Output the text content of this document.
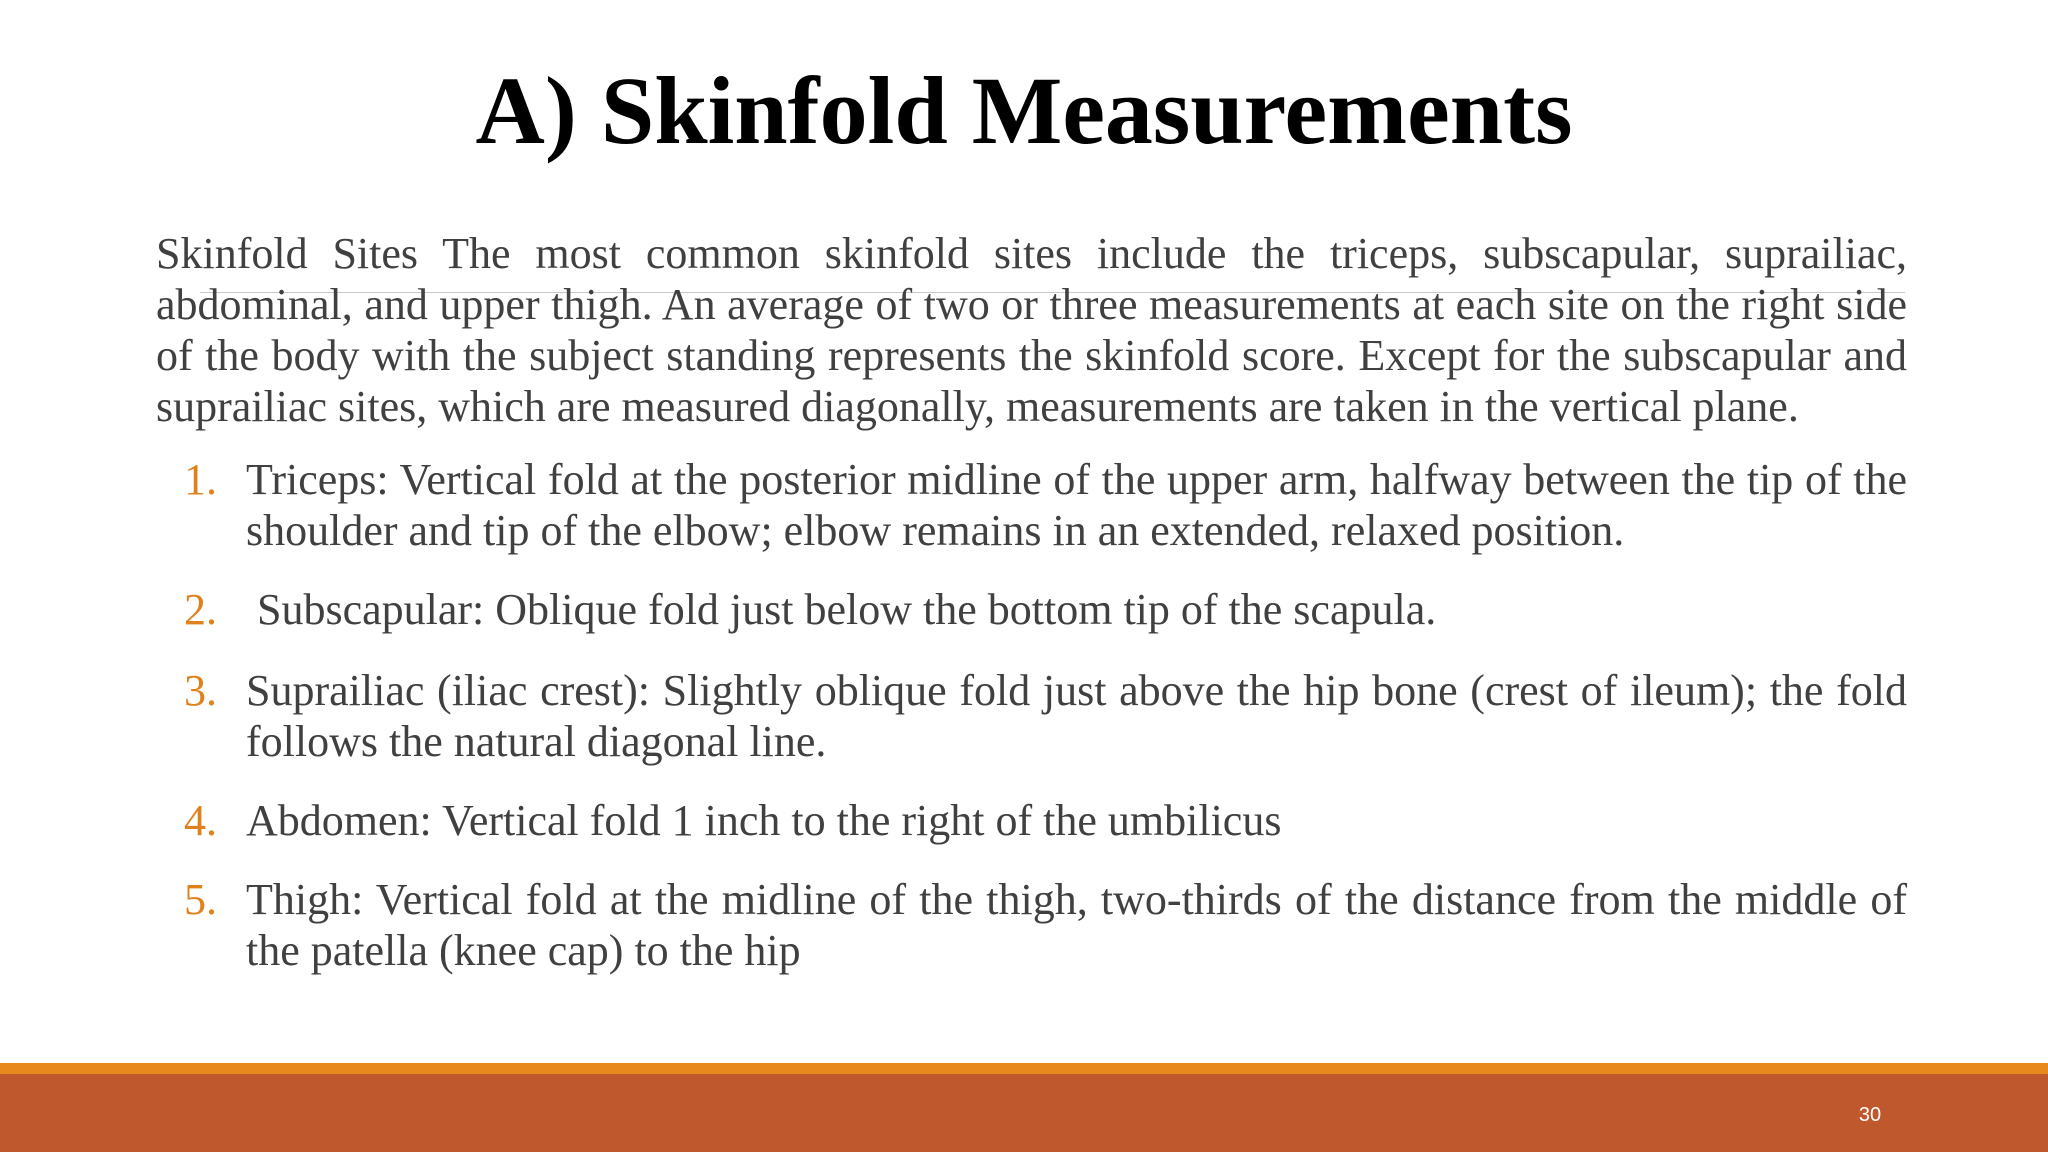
A) Skinfold Measurements

Skinfold Sites The most common skinfold sites include the triceps, subscapular, suprailiac, abdominal, and upper thigh. An average of two or three measurements at each site on the right side of the body with the subject standing represents the skinfold score. Except for the subscapular and suprailiac sites, which are measured diagonally, measurements are taken in the vertical plane.

1. Triceps: Vertical fold at the posterior midline of the upper arm, halfway between the tip of the shoulder and tip of the elbow; elbow remains in an extended, relaxed position.
2. Subscapular: Oblique fold just below the bottom tip of the scapula.
3. Suprailiac (iliac crest): Slightly oblique fold just above the hip bone (crest of ileum); the fold follows the natural diagonal line.
4. Abdomen: Vertical fold 1 inch to the right of the umbilicus
5. Thigh: Vertical fold at the midline of the thigh, two-thirds of the distance from the middle of the patella (knee cap) to the hip
30
